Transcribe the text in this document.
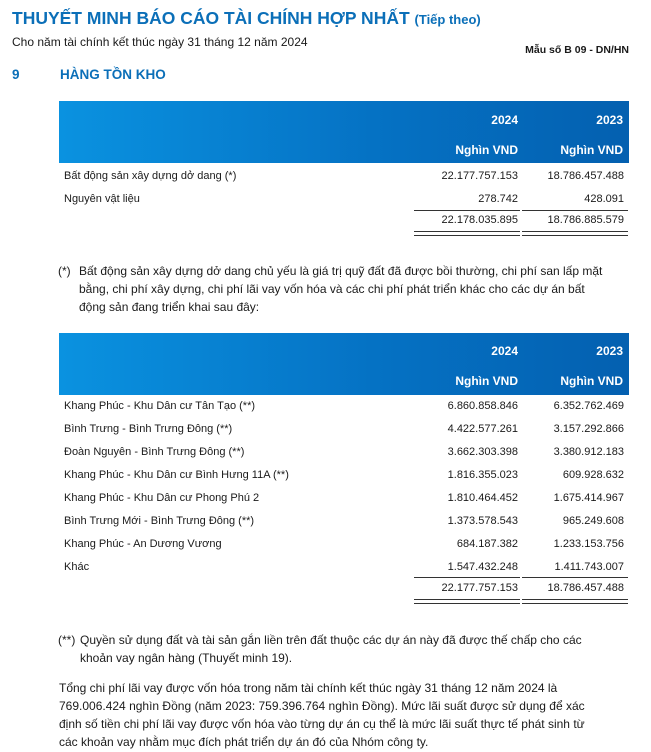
THUYẾT MINH BÁO CÁO TÀI CHÍNH HỢP NHẤT (Tiếp theo)
Cho năm tài chính kết thúc ngày 31 tháng 12 năm 2024
Mẫu số B 09 - DN/HN
9	HÀNG TỒN KHO
2024	2023
Nghìn VND	Nghìn VND
Bất động sản xây dựng dở dang (*)	22.177.757.153	18.786.457.488
Nguyên vật liệu	278.742	428.091
22.178.035.895	18.786.885.579
(*) Bất động sản xây dựng dở dang chủ yếu là giá trị quỹ đất đã được bồi thường, chi phí san lấp mặt
bằng, chi phí xây dựng, chi phí lãi vay vốn hóa và các chi phí phát triển khác cho các dự án bất
động sản đang triển khai sau đây:
2024	2023
Nghìn VND	Nghìn VND
Khang Phúc - Khu Dân cư Tân Tạo (**)	6.860.858.846	6.352.762.469
Bình Trưng - Bình Trưng Đông (**)	4.422.577.261	3.157.292.866
Đoàn Nguyên - Bình Trưng Đông (**)	3.662.303.398	3.380.912.183
Khang Phúc - Khu Dân cư Bình Hưng 11A (**)	1.816.355.023	609.928.632
Khang Phúc - Khu Dân cư Phong Phú 2	1.810.464.452	1.675.414.967
Bình Trưng Mới - Bình Trưng Đông (**)	1.373.578.543	965.249.608
Khang Phúc - An Dương Vương	684.187.382	1.233.153.756
Khác	1.547.432.248	1.411.743.007
22.177.757.153	18.786.457.488
(**) Quyền sử dụng đất và tài sản gắn liền trên đất thuộc các dự án này đã được thế chấp cho các
khoản vay ngân hàng (Thuyết minh 19).
Tổng chi phí lãi vay được vốn hóa trong năm tài chính kết thúc ngày 31 tháng 12 năm 2024 là
769.006.424 nghìn Đồng (năm 2023: 759.396.764 nghìn Đồng). Mức lãi suất được sử dụng để xác
định số tiền chi phí lãi vay được vốn hóa vào từng dự án cụ thể là mức lãi suất thực tế phát sinh từ
các khoản vay nhằm mục đích phát triển dự án đó của Nhóm công ty.
